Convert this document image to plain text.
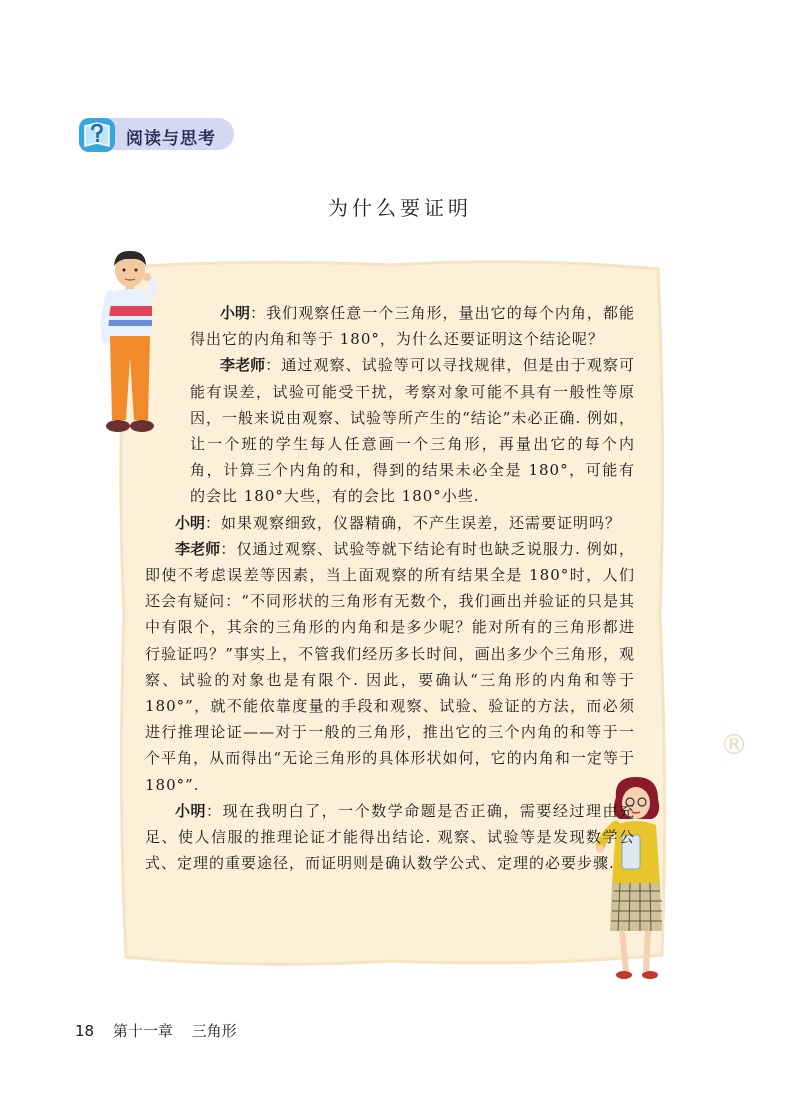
阅读与思考
为什么要证明
®

小明：我们观察任意一个三角形，量出它的每个内角，都能得出它的内角和等于 180°，为什么还要证明这个结论呢？

李老师：通过观察、试验等可以寻找规律，但是由于观察可能有误差，试验可能受干扰，考察对象可能不具有一般性等原因，一般来说由观察、试验等所产生的“结论”未必正确. 例如，让一个班的学生每人任意画一个三角形，再量出它的每个内角，计算三个内角的和，得到的结果未必全是 180°，可能有的会比 180°大些，有的会比 180°小些.

小明：如果观察细致，仪器精确，不产生误差，还需要证明吗？

李老师：仅通过观察、试验等就下结论有时也缺乏说服力. 例如，即使不考虑误差等因素，当上面观察的所有结果全是 180°时，人们还会有疑问：“不同形状的三角形有无数个，我们画出并验证的只是其中有限个，其余的三角形的内角和是多少呢？能对所有的三角形都进行验证吗？”事实上，不管我们经历多长时间，画出多少个三角形，观察、试验的对象也是有限个. 因此，要确认“三角形的内角和等于 180°”，就不能依靠度量的手段和观察、试验、验证的方法，而必须进行推理论证——对于一般的三角形，推出它的三个内角的和等于一个平角，从而得出“无论三角形的具体形状如何，它的内角和一定等于 180°”.

小明：现在我明白了，一个数学命题是否正确，需要经过理由充足、使人信服的推理论证才能得出结论. 观察、试验等是发现数学公式、定理的重要途径，而证明则是确认数学公式、定理的必要步骤.

18 第十一章 三角形
